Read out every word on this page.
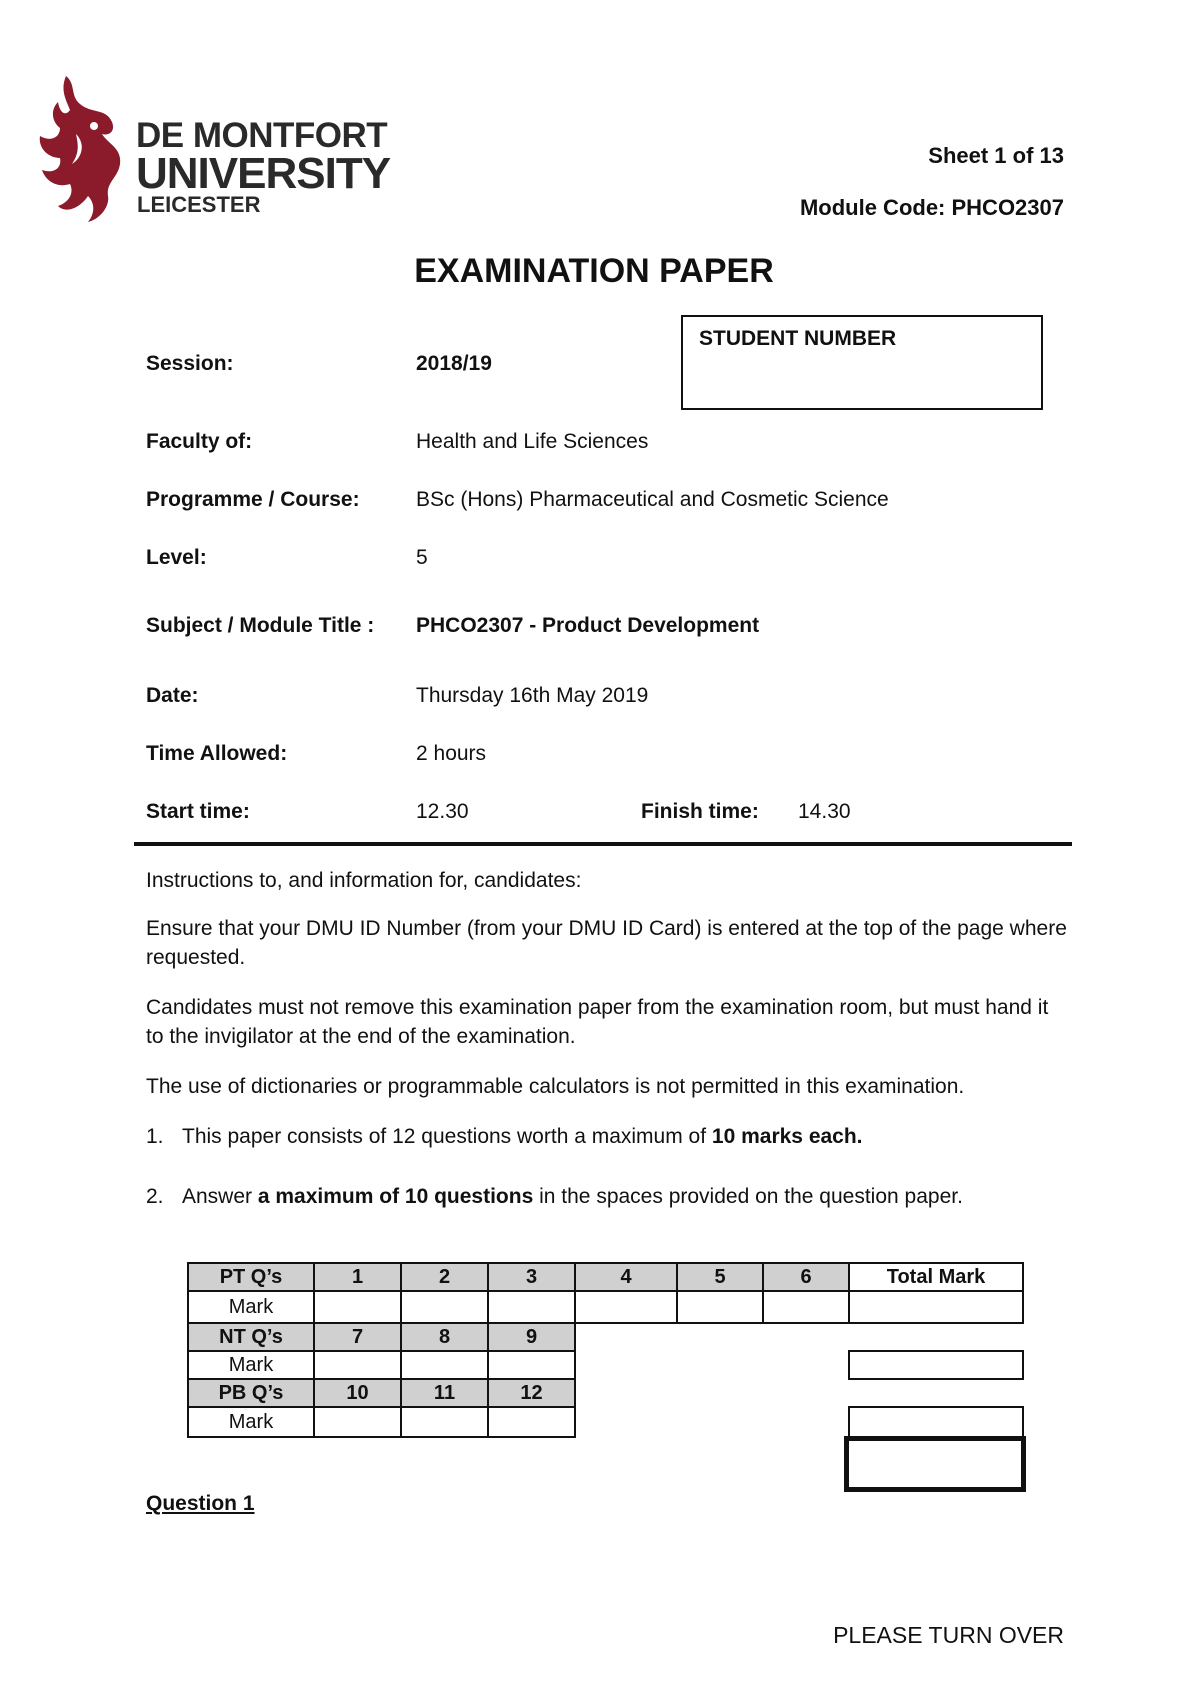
DE MONTFORT
UNIVERSITY
LEICESTER
Sheet 1 of 13
Module Code: PHCO2307
EXAMINATION PAPER
STUDENT NUMBER
Session:	2018/19
Faculty of:	Health and Life Sciences
Programme / Course:	BSc (Hons) Pharmaceutical and Cosmetic Science
Level:	5
Subject / Module Title : PHCO2307 - Product Development
Date:	Thursday 16th May 2019
Time Allowed:	2 hours
Start time:	12.30	Finish time: 14.30
Instructions to, and information for, candidates:
Ensure that your DMU ID Number (from your DMU ID Card) is entered at the top of the page where requested.
Candidates must not remove this examination paper from the examination room, but must hand it to the invigilator at the end of the examination.
The use of dictionaries or programmable calculators is not permitted in this examination.
1. This paper consists of 12 questions worth a maximum of 10 marks each.
2. Answer a maximum of 10 questions in the spaces provided on the question paper.
PT Q’s	1	2	3	4	5	6	Total Mark
Mark
NT Q’s	7	8	9
Mark
PB Q’s	10	11	12
Mark
Question 1
PLEASE TURN OVER
